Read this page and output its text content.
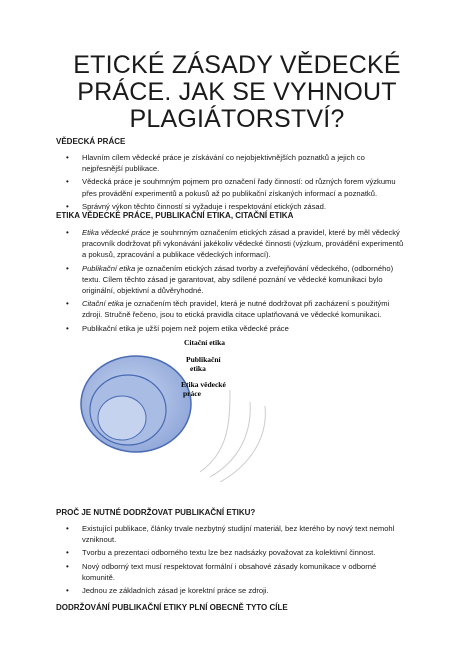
ETICKÉ ZÁSADY VĚDECKÉ PRÁCE. JAK SE VYHNOUT PLAGIÁTORSTVÍ?
VĚDECKÁ PRÁCE
• Hlavním cílem vědecké práce je získávání co nejobjektivnějších poznatků a jejich co nejpřesnější publikace.
• Vědecká práce je souhrnným pojmem pro označení řady činností: od různých forem výzkumu přes provádění experimentů a pokusů až po publikační získaných informací a poznatků.
• Správný výkon těchto činností si vyžaduje i respektování etických zásad.
ETIKA VĚDECKÉ PRÁCE, PUBLIKAČNÍ ETIKA, CITAČNÍ ETIKA
• Etika vědecké práce je souhrnným označením etických zásad a pravidel, které by měl vědecký pracovník dodržovat při vykonávání jakékoliv vědecké činnosti (výzkum, provádění experimentů a pokusů, zpracování a publikace vědeckých informací).
• Publikační etika je označením etických zásad tvorby a zveřejňování vědeckého, (odborného) textu. Cílem těchto zásad je garantovat, aby sdílené poznání ve vědecké komunikaci bylo originální, objektivní a důvěryhodné.
• Citační etika je označením těch pravidel, která je nutné dodržovat při zacházení s použitými zdroji. Stručně řečeno, jsou to etická pravidla citace uplatňovaná ve vědecké komunikaci.
• Publikační etika je užší pojem než pojem etika vědecké práce
Citační etika
Publikační etika
Etika vědecké práce
PROČ JE NUTNÉ DODRŽOVAT PUBLIKAČNÍ ETIKU?
• Existující publikace, články trvale nezbytný studijní materiál, bez kterého by nový text nemohl vzniknout.
• Tvorbu a prezentaci odborného textu lze bez nadsázky považovat za kolektivní činnost.
• Nový odborný text musí respektovat formální i obsahové zásady komunikace v odborné komunitě.
• Jednou ze základních zásad je korektní práce se zdroji.
DODRŽOVÁNÍ PUBLIKAČNÍ ETIKY PLNÍ OBECNĚ TYTO CÍLE
